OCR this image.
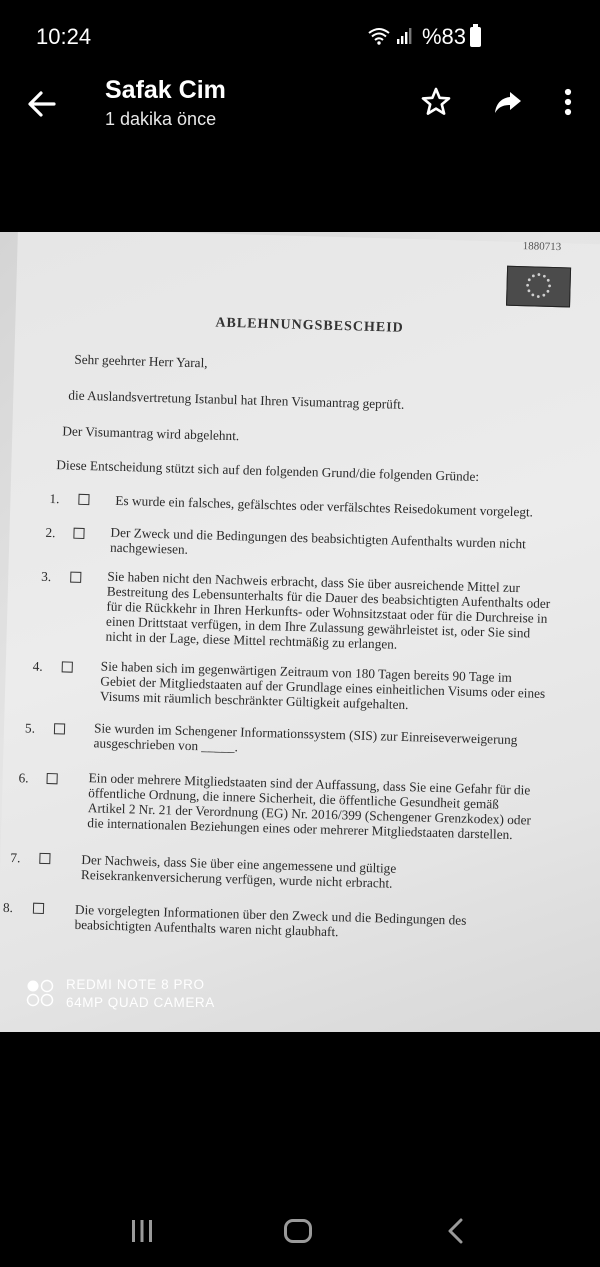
10:24	%83
Safak Cim
1 dakika önce
1880713
ABLEHNUNGSBESCHEID
Sehr geehrter Herr Yaral,
die Auslandsvertretung Istanbul hat Ihren Visumantrag geprüft.
Der Visumantrag wird abgelehnt.
Diese Entscheidung stützt sich auf den folgenden Grund/die folgenden Gründe:
1.	Es wurde ein falsches, gefälschtes oder verfälschtes Reisedokument vorgelegt.
2.	Der Zweck und die Bedingungen des beabsichtigten Aufenthalts wurden nicht nachgewiesen.
3.	Sie haben nicht den Nachweis erbracht, dass Sie über ausreichende Mittel zur Bestreitung des Lebensunterhalts für die Dauer des beabsichtigten Aufenthalts oder für die Rückkehr in Ihren Herkunfts- oder Wohnsitzstaat oder für die Durchreise in einen Drittstaat verfügen, in dem Ihre Zulassung gewährleistet ist, oder Sie sind nicht in der Lage, diese Mittel rechtmäßig zu erlangen.
4.	Sie haben sich im gegenwärtigen Zeitraum von 180 Tagen bereits 90 Tage im Gebiet der Mitgliedstaaten auf der Grundlage eines einheitlichen Visums oder eines Visums mit räumlich beschränkter Gültigkeit aufgehalten.
5.	Sie wurden im Schengener Informationssystem (SIS) zur Einreiseverweigerung ausgeschrieben von _____.
6.	Ein oder mehrere Mitgliedstaaten sind der Auffassung, dass Sie eine Gefahr für die öffentliche Ordnung, die innere Sicherheit, die öffentliche Gesundheit gemäß Artikel 2 Nr. 21 der Verordnung (EG) Nr. 2016/399 (Schengener Grenzkodex) oder die internationalen Beziehungen eines oder mehrerer Mitgliedstaaten darstellen.
7.	Der Nachweis, dass Sie über eine angemessene und gültige Reisekrankenversicherung verfügen, wurde nicht erbracht.
8.	Die vorgelegten Informationen über den Zweck und die Bedingungen des beabsichtigten Aufenthalts waren nicht glaubhaft.
REDMI NOTE 8 PRO
64MP QUAD CAMERA
